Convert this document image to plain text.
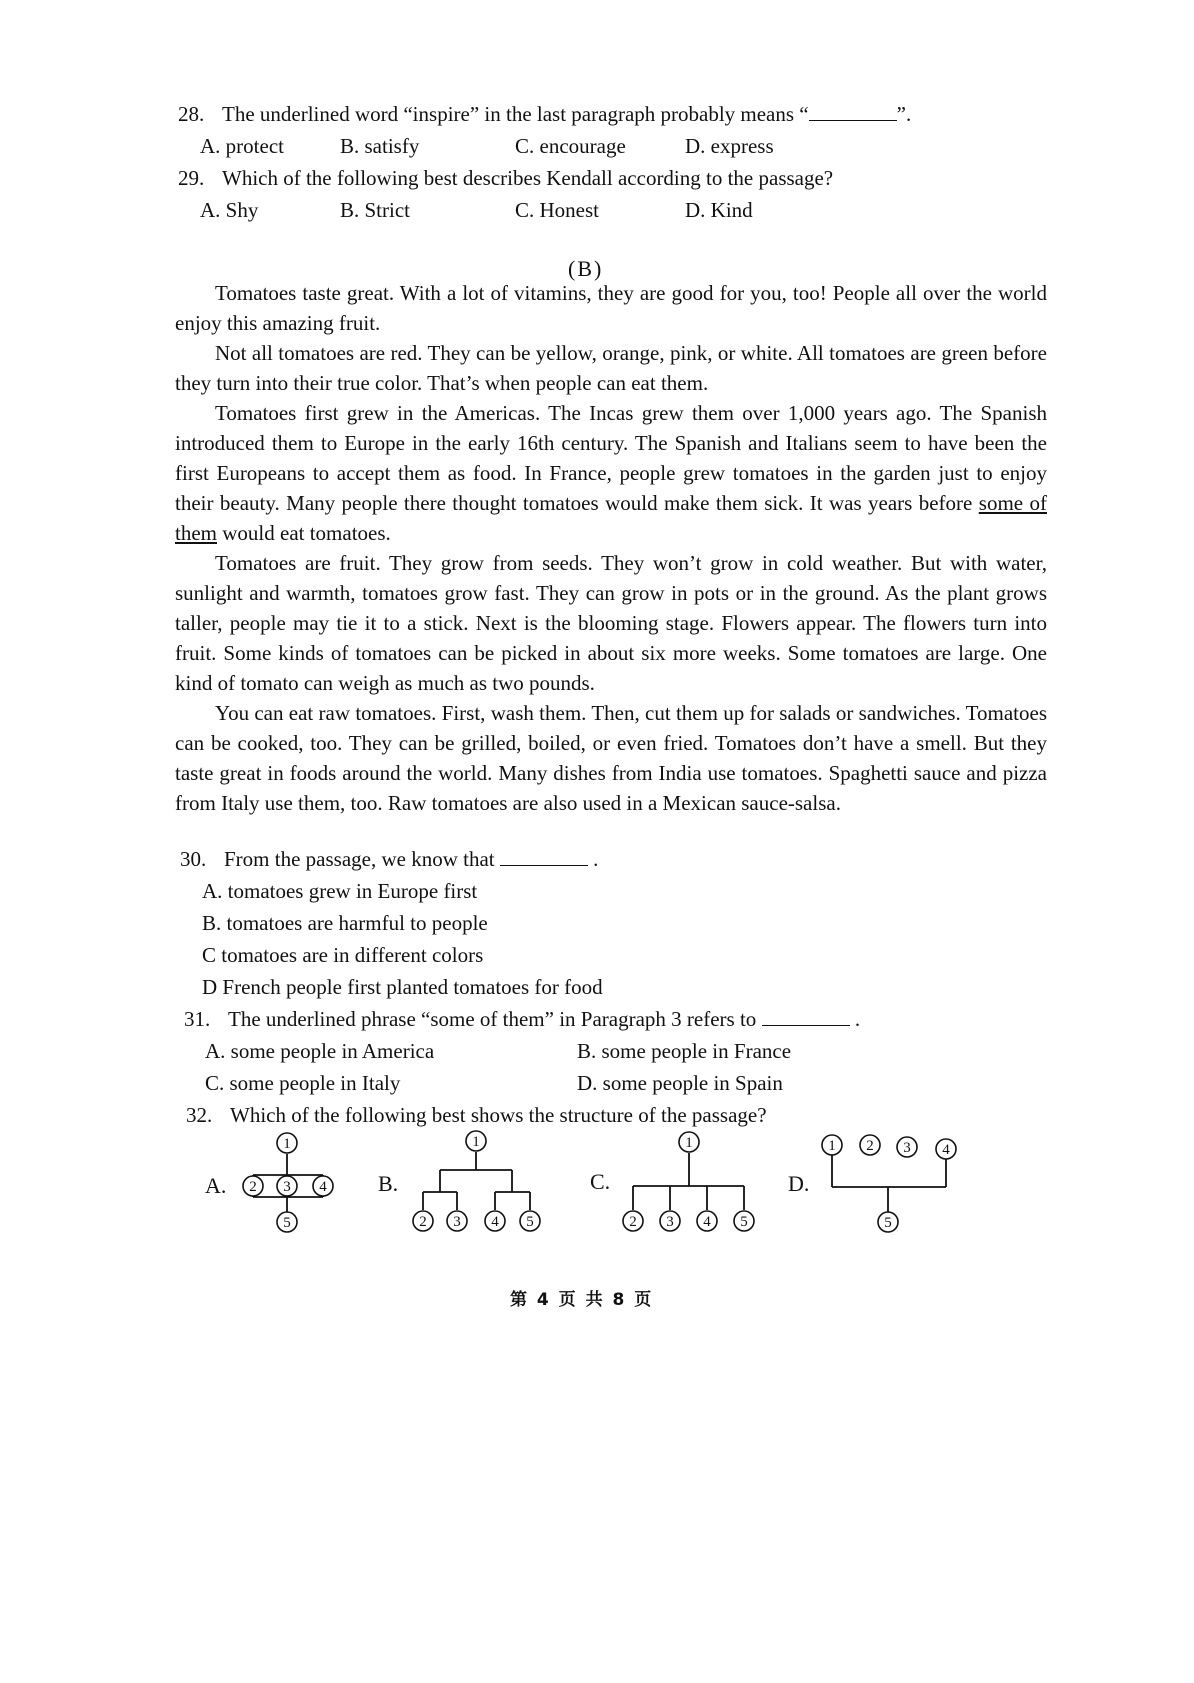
28. The underlined word “inspire” in the last paragraph probably means “	”.
A. protect	B. satisfy	C. encourage	D. express
29. Which of the following best describes Kendall according to the passage?
A. Shy	B. Strict	C. Honest	D. Kind
(B)

Tomatoes taste great. With a lot of vitamins, they are good for you, too! People all over the world enjoy this amazing fruit.

Not all tomatoes are red. They can be yellow, orange, pink, or white. All tomatoes are green before they turn into their true color. That’s when people can eat them.

Tomatoes first grew in the Americas. The Incas grew them over 1,000 years ago. The Spanish introduced them to Europe in the early 16th century. The Spanish and Italians seem to have been the first Europeans to accept them as food. In France, people grew tomatoes in the garden just to enjoy their beauty. Many people there thought tomatoes would make them sick. It was years before some of them would eat tomatoes.

Tomatoes are fruit. They grow from seeds. They won’t grow in cold weather. But with water, sunlight and warmth, tomatoes grow fast. They can grow in pots or in the ground. As the plant grows taller, people may tie it to a stick. Next is the blooming stage. Flowers appear. The flowers turn into fruit. Some kinds of tomatoes can be picked in about six more weeks. Some tomatoes are large. One kind of tomato can weigh as much as two pounds.

You can eat raw tomatoes. First, wash them. Then, cut them up for salads or sandwiches. Tomatoes can be cooked, too. They can be grilled, boiled, or even fried. Tomatoes don’t have a smell. But they taste great in foods around the world. Many dishes from India use tomatoes. Spaghetti sauce and pizza from Italy use them, too. Raw tomatoes are also used in a Mexican sauce-salsa.

30. From the passage, we know that	.
A. tomatoes grew in Europe first
B. tomatoes are harmful to people
C tomatoes are in different colors
D French people first planted tomatoes for food
31. The underlined phrase “some of them” in Paragraph 3 refers to	.
A. some people in America	B. some people in France
C. some people in Italy	D. some people in Spain
32. Which of the following best shows the structure of the passage?
A.	B.	C.	D.
1
2 3 4
5
1
2 3 4 5
1
2 3 4 5
1 2 3 4
5
第 4 页 共 8 页
